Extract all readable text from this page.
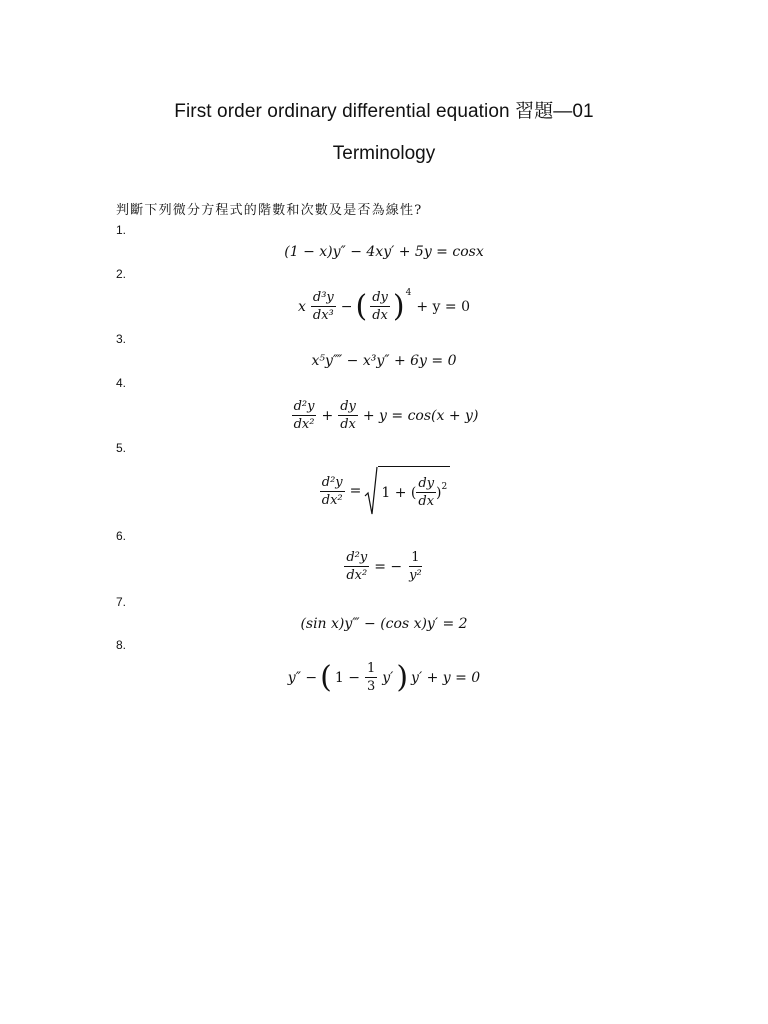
First order ordinary differential equation 習題—01
Terminology
判斷下列微分方程式的階數和次數及是否為線性?
1.
2.
3.
4.
5.
6.
7.
8.
(1 − x)y″ − 4xy′ + 5y = cosx
x $\frac{\text{d³y}}{\text{dx³}}$ − ( $\frac{dy}{dx} )^4$
+ y = 0
x⁵y⁗ − x³y″ + 6y = 0
$\frac{\text{d²y}}{\text{dx²}} + \frac{dy}{dx} + y = \cos(x + y)$
$\frac{\text{d²y}}{\text{dx²}} = 1$ + ( $\frac{dy}{dx} )^2$
$\frac{\text{d²y}}{\text{dx²}}$ = − $\frac{1}{\text{y²}}$
(sin x)y‴ − (cos x)y′ = 2
y″ − ( $1 - \frac{1}{3} y'$ ) y′ + y = 0
